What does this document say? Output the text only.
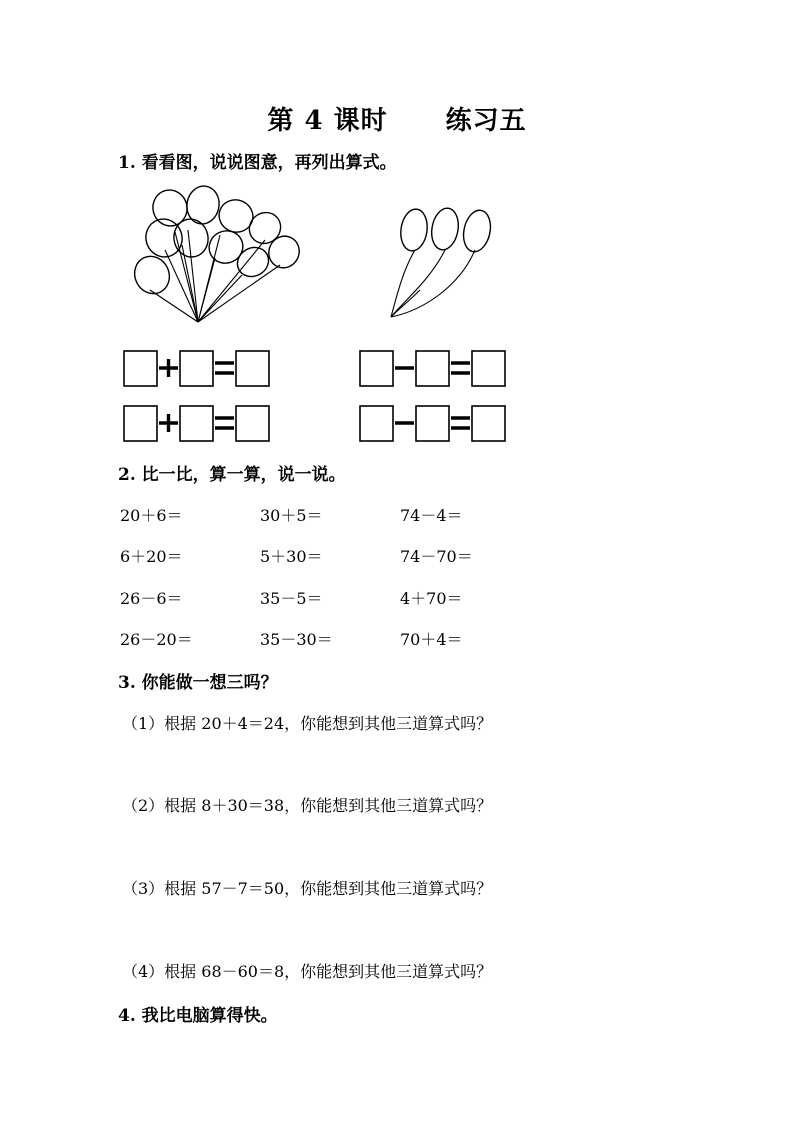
第 4 课时 练习五
1. 看看图，说说图意，再列出算式。
2. 比一比，算一算，说一说。
20＋6＝	30＋5＝	74－4＝
6＋20＝	5＋30＝	74－70＝
26－6＝	35－5＝	4＋70＝
26－20＝	35－30＝	70＋4＝
3. 你能做一想三吗？
（1）根据 20＋4＝24，你能想到其他三道算式吗？
（2）根据 8＋30＝38，你能想到其他三道算式吗？
（3）根据 57－7＝50，你能想到其他三道算式吗？
（4）根据 68－60＝8，你能想到其他三道算式吗？
4. 我比电脑算得快。
